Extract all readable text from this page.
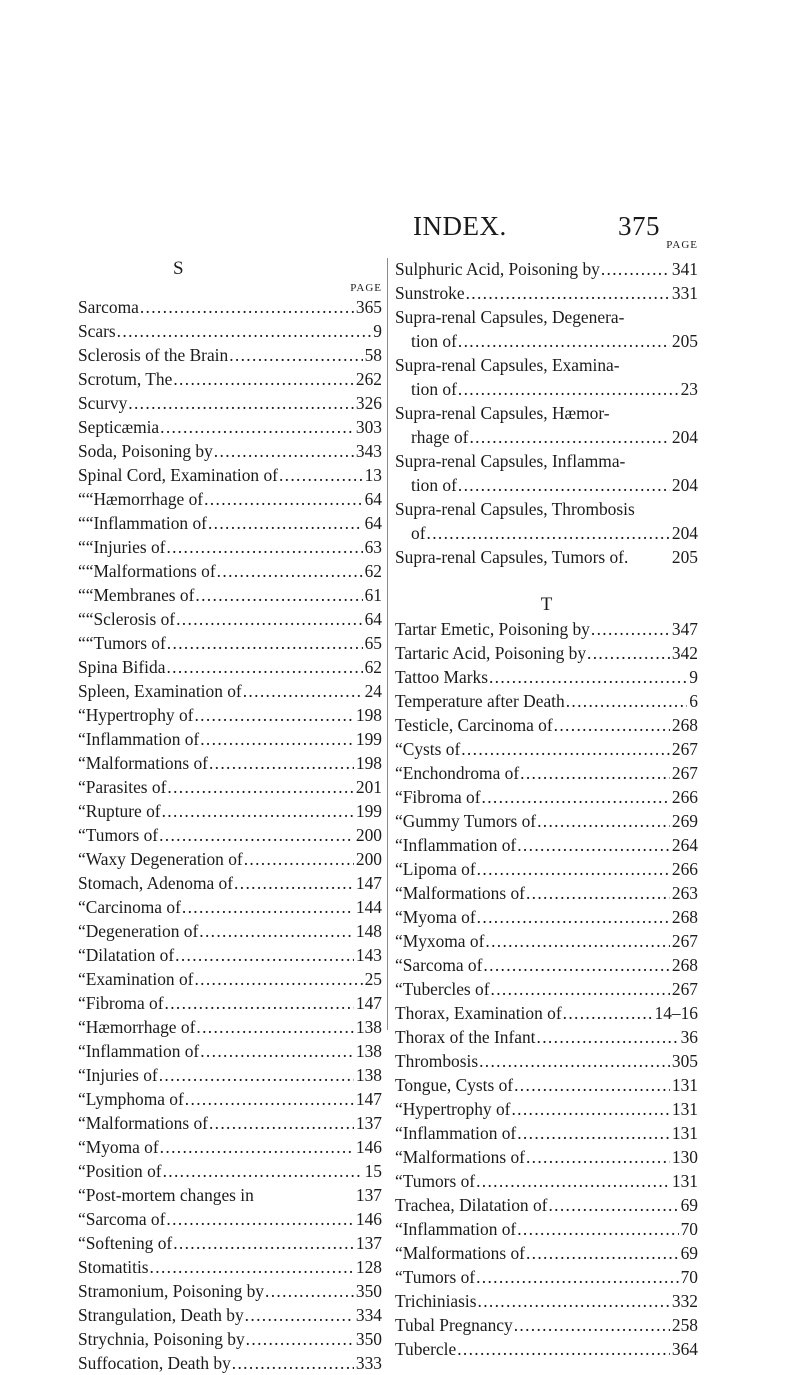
INDEX.	375
S
PAGE
Sarcoma . . .	365
Scars . . .	9
Sclerosis of the Brain . . .	58
Scrotum, The . . .	262
Scurvy . . .	326
Septicæmia . . .	303
Soda, Poisoning by . . .	343
Spinal Cord, Examination of . . .	13
“ “ Hæmorrhage of . . .	64
“ “ Inflammation of . . .	64
“ “ Injuries of . . .	63
“ “ Malformations of . . .	62
“ “ Membranes of . . .	61
“ “ Sclerosis of . . .	64
“ “ Tumors of . . .	65
Spina Bifida . . .	62
Spleen, Examination of . . .	24
“ Hypertrophy of . . .	198
“ Inflammation of . . .	199
“ Malformations of . . .	198
“ Parasites of . . .	201
“ Rupture of . . .	199
“ Tumors of . . .	200
“ Waxy Degeneration of . . .	200
Stomach, Adenoma of . . .	147
“ Carcinoma of . . .	144
“ Degeneration of . . .	148
“ Dilatation of . . .	143
“ Examination of . . .	25
“ Fibroma of . . .	147
“ Hæmorrhage of . . .	138
“ Inflammation of . . .	138
“ Injuries of . . .	138
“ Lymphoma of . . .	147
“ Malformations of . . .	137
“ Myoma of . . .	146
“ Position of . . .	15
“ Post-mortem changes in	137
“ Sarcoma of . . .	146
“ Softening of . . .	137
Stomatitis . . .	128
Stramonium, Poisoning by . . .	350
Strangulation, Death by . . .	334
Strychnia, Poisoning by . . .	350
Suffocation, Death by . . .	333
PAGE
Sulphuric Acid, Poisoning by . . .	341
Sunstroke . . .	331
Supra-renal Capsules, Degenera-
tion of . . .	205
Supra-renal Capsules, Examina-
tion of . . .	23
Supra-renal Capsules, Hæmor-
rhage of . . .	204
Supra-renal Capsules, Inflamma-
tion of . . .	204
Supra-renal Capsules, Thrombosis
of . . .	204
Supra-renal Capsules, Tumors of.	205
T
Tartar Emetic, Poisoning by . . .	347
Tartaric Acid, Poisoning by . . .	342
Tattoo Marks . . .	9
Temperature after Death . . .	6
Testicle, Carcinoma of . . .	268
“ Cysts of . . .	267
“ Enchondroma of . . .	267
“ Fibroma of . . .	266
“ Gummy Tumors of . . .	269
“ Inflammation of . . .	264
“ Lipoma of . . .	266
“ Malformations of . . .	263
“ Myoma of . . .	268
“ Myxoma of . . .	267
“ Sarcoma of . . .	268
“ Tubercles of . . .	267
Thorax, Examination of . . .	14–16
Thorax of the Infant . . .	36
Thrombosis . . .	305
Tongue, Cysts of . . .	131
“ Hypertrophy of . . .	131
“ Inflammation of . . .	131
“ Malformations of . . .	130
“ Tumors of . . .	131
Trachea, Dilatation of . . .	69
“ Inflammation of . . .	70
“ Malformations of . . .	69
“ Tumors of . . .	70
Trichiniasis . . .	332
Tubal Pregnancy . . .	258
Tubercle . . .	364
